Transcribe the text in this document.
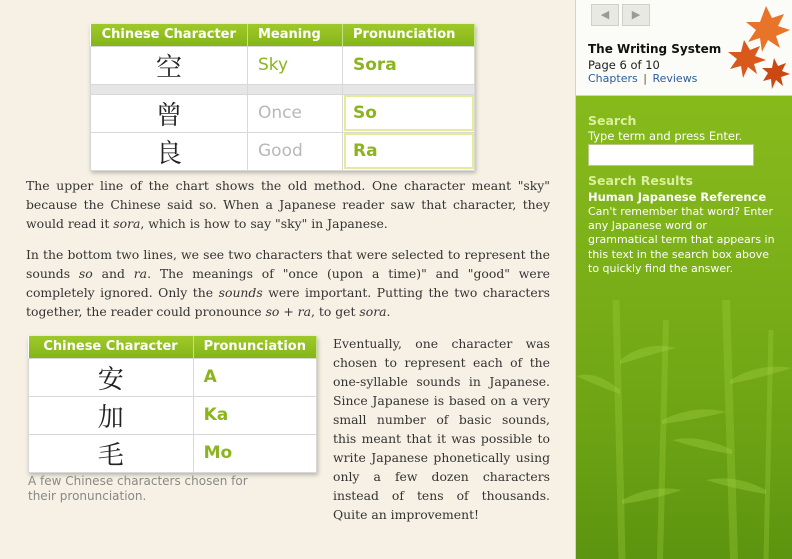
Chinese Character	Meaning	Pronunciation
空	Sky	Sora

曾	Once	So
良	Good	Ra

The upper line of the chart shows the old method. One character meant "sky" because the Chinese said so. When a Japanese reader saw that character, they would read it sora, which is how to say "sky" in Japanese.

In the bottom two lines, we see two characters that were selected to represent the sounds so and ra. The meanings of "once (upon a time)" and "good" were completely ignored. Only the sounds were important. Putting the two characters together, the reader could pronounce so + ra, to get sora.

Chinese Character	Pronunciation
安	A
加	Ka
毛	Mo

A few Chinese characters chosen for their pronunciation.

Eventually, one character was chosen to represent each of the one-syllable sounds in Japanese. Since Japanese is based on a very small number of basic sounds, this meant that it was possible to write Japanese phonetically using only a few dozen characters instead of tens of thousands. Quite an improvement!

◀	▶
The Writing System
Page 6 of 10
Chapters | Reviews
Search
Type term and press Enter.
Search Results
Human Japanese Reference
Can't remember that word? Enter any Japanese word or grammatical term that appears in this text in the search box above to quickly find the answer.
